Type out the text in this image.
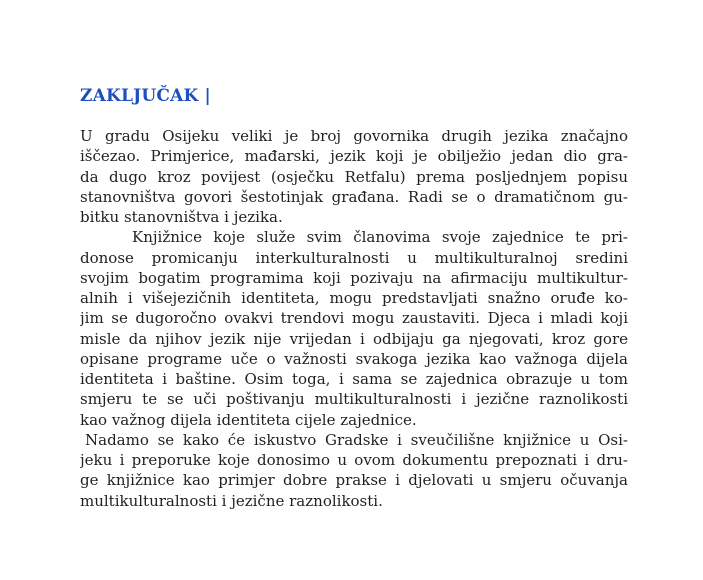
ZAKLJUČAK |
U gradu Osijeku veliki je broj govornika drugih jezika značajno
iščezao. Primjerice, mađarski, jezik koji je obilježio jedan dio gra-
da dugo kroz povijest (osječku Retfalu) prema posljednjem popisu
stanovništva govori šestotinjak građana. Radi se o dramatičnom gu-
bitku stanovništva i jezika.
Knjižnice koje služe svim članovima svoje zajednice te pri-
donose promicanju interkulturalnosti u multikulturalnoj sredini
svojim bogatim programima koji pozivaju na afirmaciju multikultur-
alnih i višejezičnih identiteta, mogu predstavljati snažno oruđe ko-
jim se dugoročno ovakvi trendovi mogu zaustaviti. Djeca i mladi koji
misle da njihov jezik nije vrijedan i odbijaju ga njegovati, kroz gore
opisane programe uče o važnosti svakoga jezika kao važnoga dijela
identiteta i baštine. Osim toga, i sama se zajednica obrazuje u tom
smjeru te se uči poštivanju multikulturalnosti i jezične raznolikosti
kao važnog dijela identiteta cijele zajednice.
Nadamo se kako će iskustvo Gradske i sveučilišne knjižnice u Osi-
jeku i preporuke koje donosimo u ovom dokumentu prepoznati i dru-
ge knjižnice kao primjer dobre prakse i djelovati u smjeru očuvanja
multikulturalnosti i jezične raznolikosti.
